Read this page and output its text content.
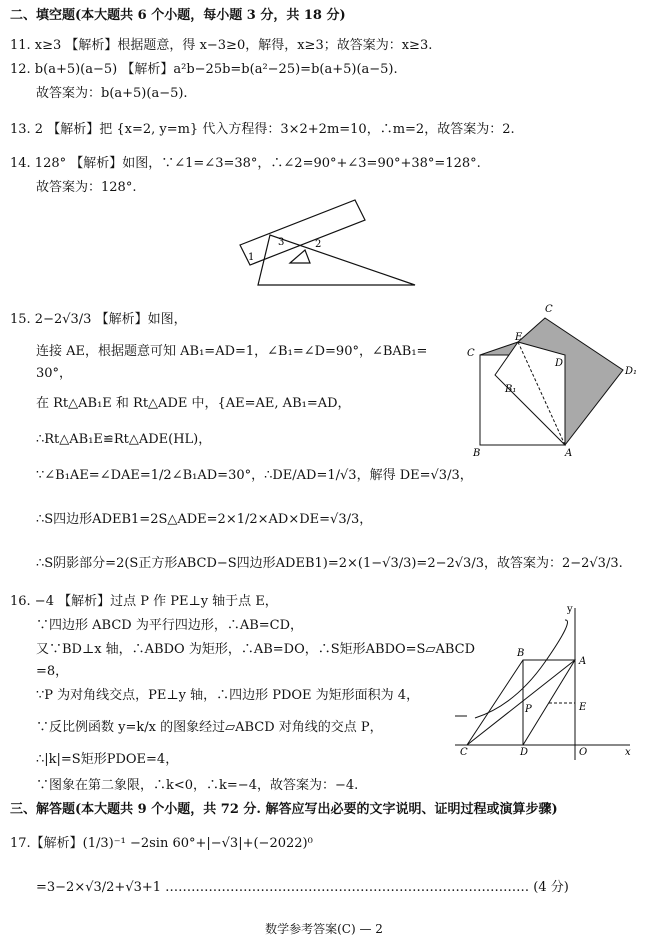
二、填空题(本大题共 6 个小题，每小题 3 分，共 18 分)
11. x≥3 【解析】根据题意，得 x−3≥0，解得，x≥3；故答案为：x≥3.
12. b(a+5)(a−5) 【解析】a²b−25b=b(a²−25)=b(a+5)(a−5).
故答案为：b(a+5)(a−5).
13. 2 【解析】把 {x=2, y=m} 代入方程得：3×2+2m=10，∴m=2，故答案为：2.
14. 128° 【解析】如图，∵∠1=∠3=38°，∴∠2=90°+∠3=90°+38°=128°.
故答案为：128°.
1
3	2
15. 2−2√3/3 【解析】如图，
连接 AE，根据题意可知 AB₁=AD=1，∠B₁=∠D=90°，∠BAB₁=
30°，
在 Rt△AB₁E 和 Rt△ADE 中，{AE=AE, AB₁=AD，
∴Rt△AB₁E≌Rt△ADE(HL)，
∵∠B₁AE=∠DAE=1/2∠B₁AD=30°，∴DE/AD=1/√3，解得 DE=√3/3，
∴S四边形ADEB1=2S△ADE=2×1/2×AD×DE=√3/3，
∴S阴影部分=2(S正方形ABCD−S四边形ADEB1)=2×(1−√3/3)=2−2√3/3，故答案为：2−2√3/3.
C
E
C
D
D₁
B₁
B	A
16. −4 【解析】过点 P 作 PE⊥y 轴于点 E，
∵四边形 ABCD 为平行四边形，∴AB=CD，
又∵BD⊥x 轴，∴ABDO 为矩形，∴AB=DO，∴S矩形ABDO=S▱ABCD
=8，
∵P 为对角线交点，PE⊥y 轴，∴四边形 PDOE 为矩形面积为 4，
∵反比例函数 y=k/x 的图象经过▱ABCD 对角线的交点 P，
∴|k|=S矩形PDOE=4，
∵图象在第二象限，∴k<0，∴k=−4，故答案为：−4.
y
B
A
P	E
C	D	O	x
三、解答题(本大题共 9 个小题，共 72 分. 解答应写出必要的文字说明、证明过程或演算步骤)
17.【解析】(1/3)⁻¹ −2sin 60°+|−√3|+(−2022)⁰
=3−2×√3/2+√3+1 ………………………………………………………………………… (4 分)
数学参考答案(C) — 2
